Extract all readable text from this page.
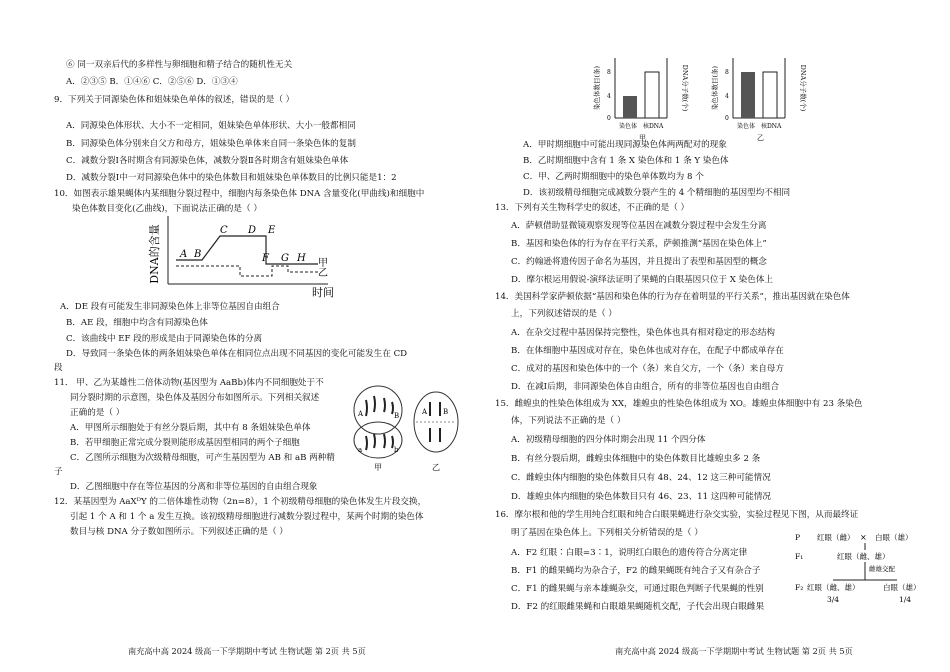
⑥ 同一双亲后代的多样性与卵细胞和精子结合的随机性无关
A．②③⑤ B．①④⑥ C．②⑤⑥ D．①③④
9．下列关于同源染色体和姐妹染色单体的叙述，错误的是（ ）
A．同源染色体形状、大小不一定相同，姐妹染色单体形状、大小一般都相同
B．同源染色体分别来自父方和母方，姐妹染色单体来自同一条染色体的复制
C．减数分裂Ⅰ各时期含有同源染色体，减数分裂Ⅱ各时期含有姐妹染色单体
D．减数分裂Ⅰ中一对同源染色体中的染色体数目和姐妹染色单体数目的比例只能是1：2
10．如图表示雄果蝇体内某细胞分裂过程中，细胞内每条染色体 DNA 含量变化(甲曲线)和细胞中
染色体数目变化(乙曲线)，下面说法正确的是（ ）
DNA的含量 A B
C D E
F G H 甲
乙
时间
A．DE 段有可能发生非同源染色体上非等位基因自由组合
B．AE 段，细胞中均含有同源染色体
C．该曲线中 EF 段的形成是由于同源染色体的分离
D．导致同一条染色体的两条姐妹染色单体在相同位点出现不同基因的变化可能发生在 CD
段
11． 甲、乙为某雄性二倍体动物(基因型为 AaBb)体内不同细胞处于不
同分裂时期的示意图，染色体及基因分布如图所示。下列相关叙述
正确的是（ ）
A．甲图所示细胞处于有丝分裂后期，其中有 8 条姐妹染色单体
B．若甲细胞正常完成分裂则能形成基因型相同的两个子细胞
C．乙图所示细胞为次级精母细胞，可产生基因型为 AB 和 aB 两种精
子
D．乙图细胞中存在等位基因的分离和非等位基因的自由组合现象
A
a
B
b
甲
A B
乙
12．某基因型为 AaXᴰY 的二倍体雄性动物（2n=8），1 个初级精母细胞的染色体发生片段交换，
引起 1 个 A 和 1 个 a 发生互换。该初级精母细胞进行减数分裂过程中，某两个时期的染色体
数目与核 DNA 分子数如图所示。下列叙述正确的是（ ）
南充高中高 2024 级高一下学期期中考试 生物试题 第 2页 共 5页
染色体数目(条)	DNA分子数(个)
8
4
0
染色体 核DNA
甲
染色体数目(条)	DNA分子数(个)
8
4
0
染色体 核DNA
乙
A．甲时期细胞中可能出现同源染色体两两配对的现象
B．乙时期细胞中含有 1 条 X 染色体和 1 条 Y 染色体
C．甲、乙两时期细胞中的染色单体数均为 8 个
D．该初级精母细胞完成减数分裂产生的 4 个精细胞的基因型均不相同
13．下列有关生物科学史的叙述，不正确的是（ ）
A．萨顿借助显微镜观察发现等位基因在减数分裂过程中会发生分离
B．基因和染色体的行为存在平行关系，萨顿推测“基因在染色体上”
C．约翰逊将遗传因子命名为基因，并且提出了表型和基因型的概念
D．摩尔根运用假说-演绎法证明了果蝇的白眼基因只位于 X 染色体上
14．美国科学家萨顿依据“基因和染色体的行为存在着明显的平行关系”，推出基因就在染色体
上，下列叙述错误的是（ ）
A．在杂交过程中基因保持完整性，染色体也具有相对稳定的形态结构
B．在体细胞中基因成对存在，染色体也成对存在，在配子中都成单存在
C．成对的基因和染色体中的一个（条）来自父方，一个（条）来自母方
D．在减Ⅰ后期，非同源染色体自由组合，所有的非等位基因也自由组合
15．雌蝗虫的性染色体组成为 XX，雄蝗虫的性染色体组成为 XO。雄蝗虫体细胞中有 23 条染色
体，下列说法不正确的是（ ）
A．初级精母细胞的四分体时期会出现 11 个四分体
B．有丝分裂后期，雌蝗虫体细胞中的染色体数目比雄蝗虫多 2 条
C．雌蝗虫体内细胞的染色体数目只有 48、24、12 这三种可能情况
D．雄蝗虫体内细胞的染色体数目只有 46、23、11 这四种可能情况
16．摩尔根和他的学生用纯合红眼和纯合白眼果蝇进行杂交实验，实验过程见下图，从而最终证
明了基因在染色体上。下列相关分析错误的是（ ）
A．F2 红眼∶白眼=3∶1，说明红白眼色的遗传符合分离定律
B．F1 的雌果蝇均为杂合子，F2 的雌果蝇既有纯合子又有杂合子
C．F1 的雌果蝇与亲本雄蝇杂交，可通过眼色判断子代果蝇的性别
D．F2 的红眼雌果蝇和白眼雄果蝇随机交配，子代会出现白眼雌果
P 红眼（雌） × 白眼（雄）
F₁	红眼（雌、雄）
雌雄交配
F₂ 红眼（雌、雄）	白眼（雄）
3/4	1/4
南充高中高 2024 级高一下学期期中考试 生物试题 第 2页 共 5页
